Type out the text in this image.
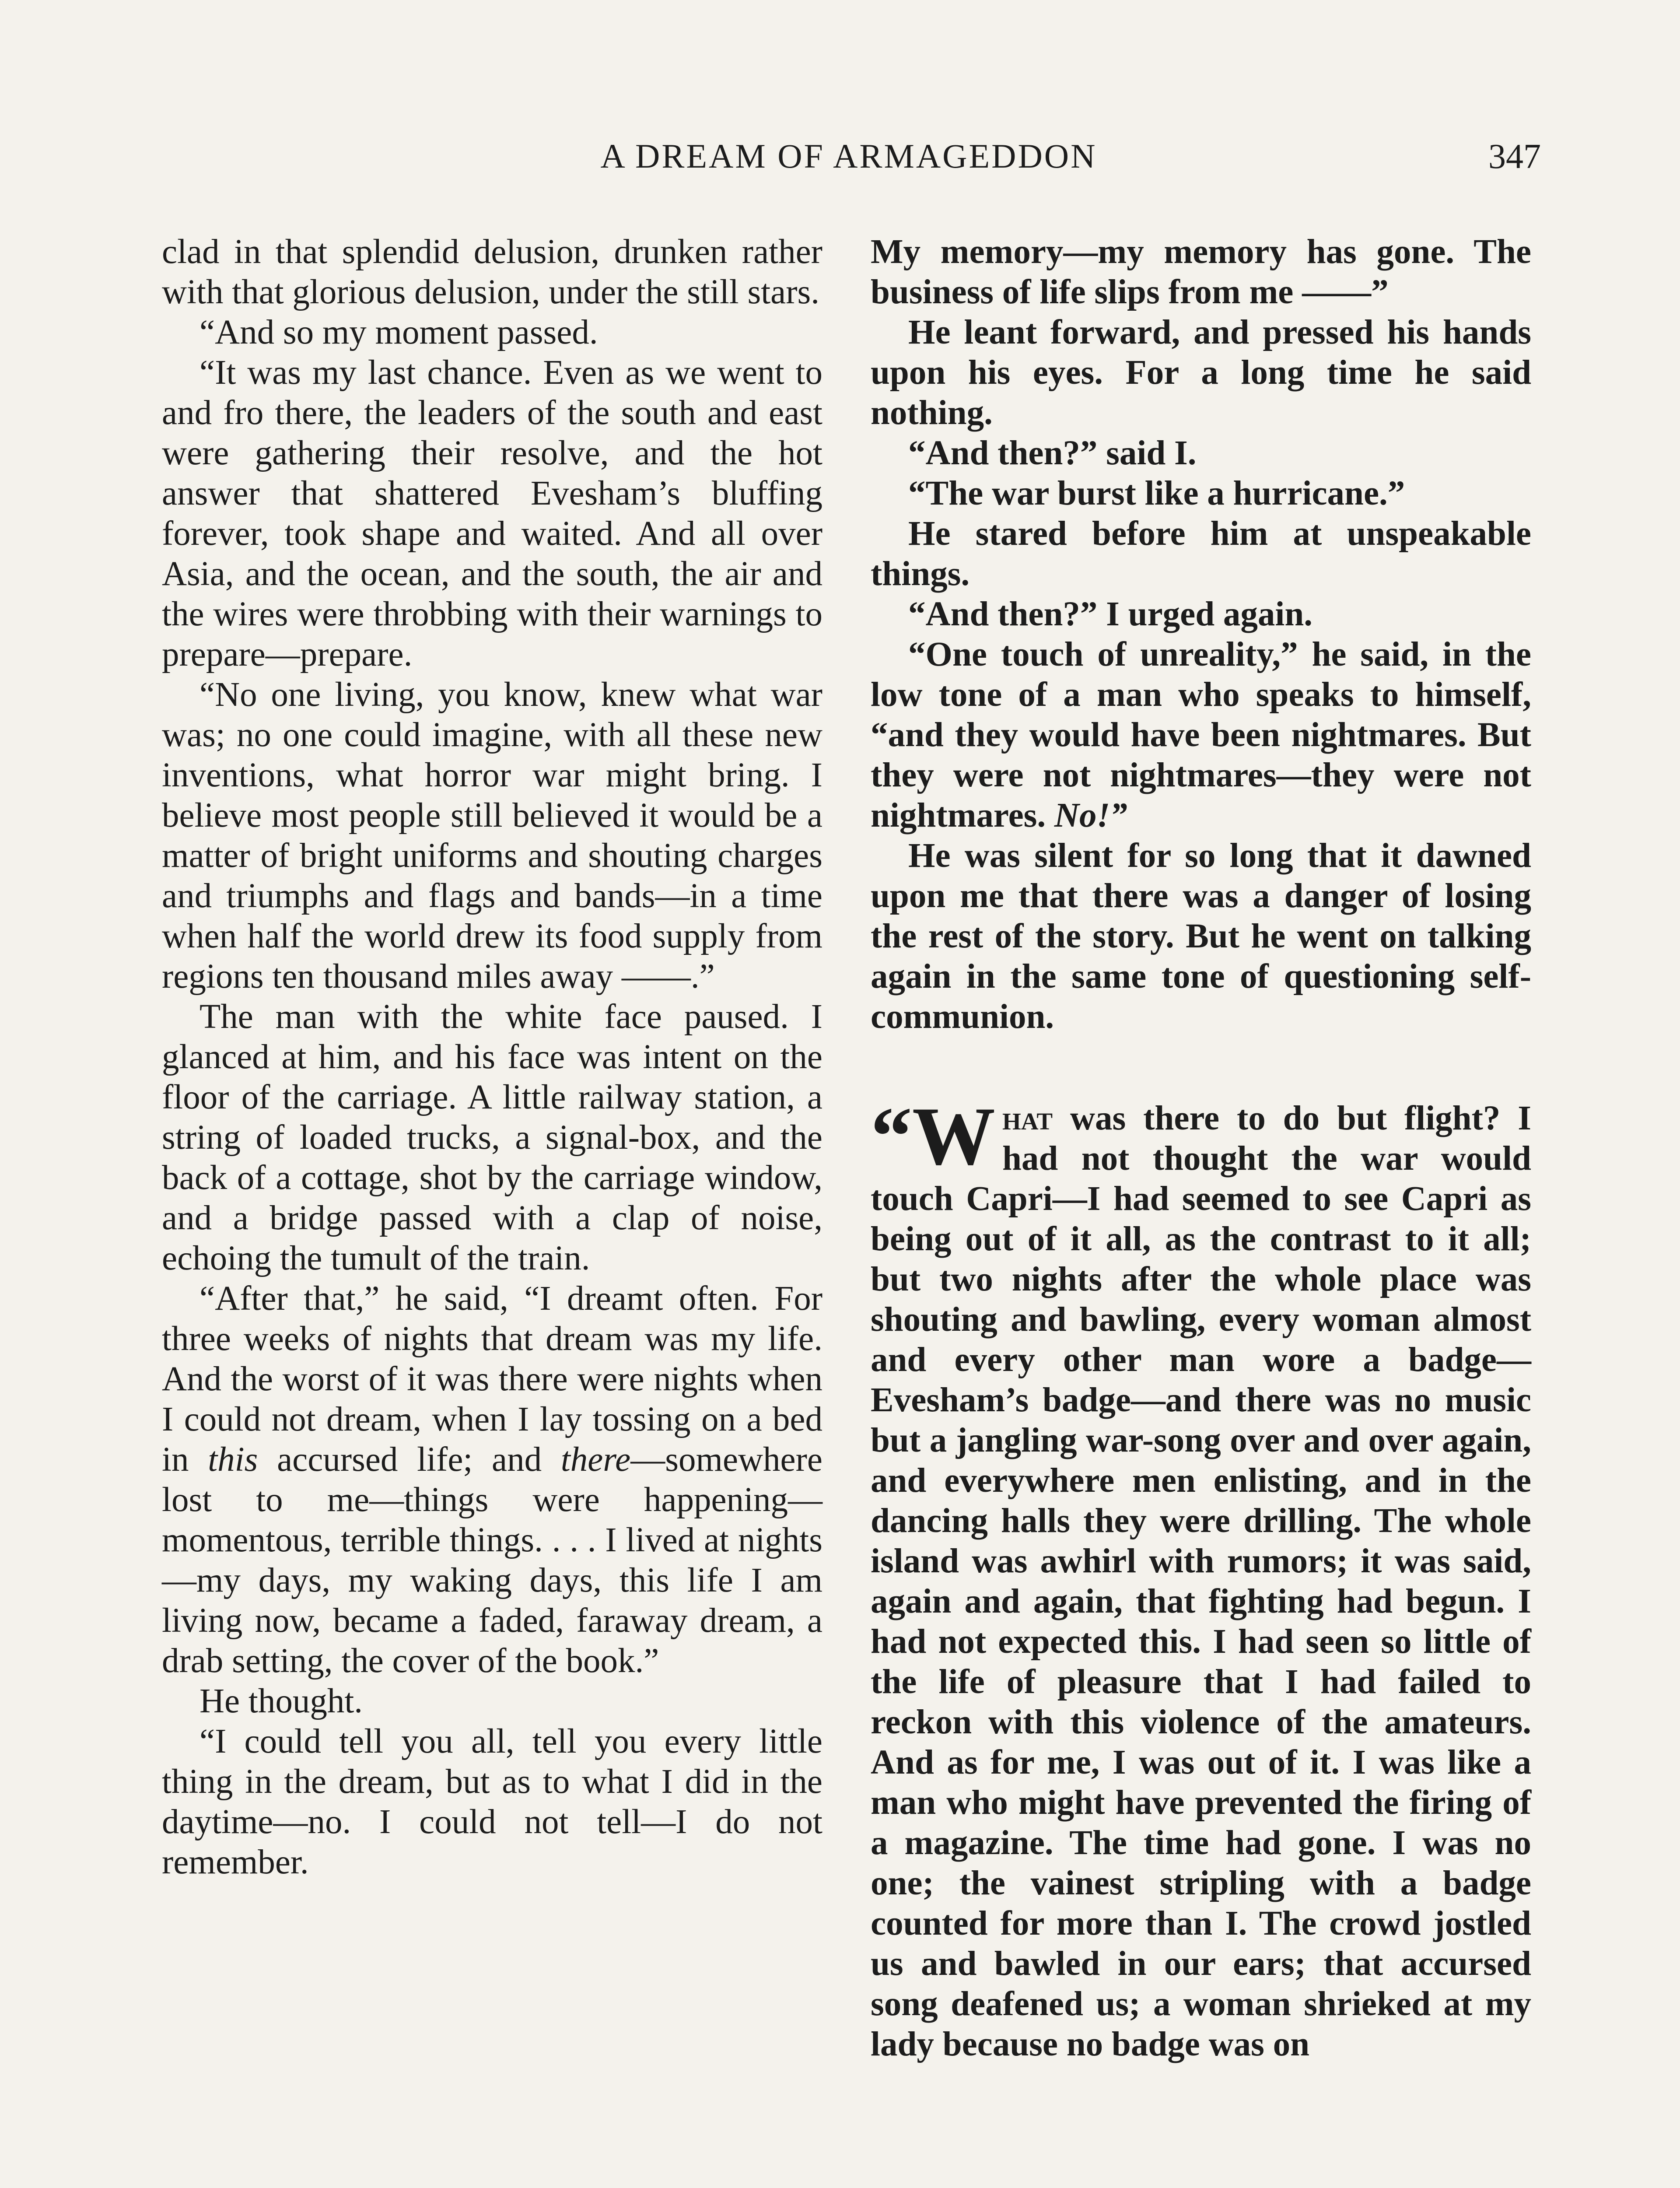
A DREAM OF ARMAGEDDON	347

clad in that splendid delusion, drunken rather with that glorious delusion, under the still stars.

“And so my moment passed.

“It was my last chance. Even as we went to and fro there, the leaders of the south and east were gathering their resolve, and the hot answer that shattered Evesham’s bluffing forever, took shape and waited. And all over Asia, and the ocean, and the south, the air and the wires were throbbing with their warnings to prepare—prepare.

“No one living, you know, knew what war was; no one could imagine, with all these new inventions, what horror war might bring. I believe most people still believed it would be a matter of bright uniforms and shouting charges and triumphs and flags and bands—in a time when half the world drew its food supply from regions ten thousand miles away ——.”

The man with the white face paused. I glanced at him, and his face was intent on the floor of the carriage. A little railway station, a string of loaded trucks, a signal-box, and the back of a cottage, shot by the carriage window, and a bridge passed with a clap of noise, echoing the tumult of the train.

“After that,” he said, “I dreamt often. For three weeks of nights that dream was my life. And the worst of it was there were nights when I could not dream, when I lay tossing on a bed in this accursed life; and there—somewhere lost to me—things were happening—momentous, terrible things. . . . I lived at nights—my days, my waking days, this life I am living now, became a faded, faraway dream, a drab setting, the cover of the book.”

He thought.

“I could tell you all, tell you every little thing in the dream, but as to what I did in the daytime—no. I could not tell—I do not remember.

My memory—my memory has gone. The business of life slips from me ——”

He leant forward, and pressed his hands upon his eyes. For a long time he said nothing.

“And then?” said I.

“The war burst like a hurricane.”

He stared before him at unspeakable things.

“And then?” I urged again.

“One touch of unreality,” he said, in the low tone of a man who speaks to himself, “and they would have been nightmares. But they were not nightmares—they were not nightmares. No!”

He was silent for so long that it dawned upon me that there was a danger of losing the rest of the story. But he went on talking again in the same tone of questioning self-communion.

“W hat was there to do but flight? I had not thought the war would touch Capri—I had seemed to see Capri as being out of it all, as the contrast to it all; but two nights after the whole place was shouting and bawling, every woman almost and every other man wore a badge—Evesham’s badge—and there was no music but a jangling war-song over and over again, and everywhere men enlisting, and in the dancing halls they were drilling. The whole island was awhirl with rumors; it was said, again and again, that fighting had begun. I had not expected this. I had seen so little of the life of pleasure that I had failed to reckon with this violence of the amateurs. And as for me, I was out of it. I was like a man who might have prevented the firing of a magazine. The time had gone. I was no one; the vainest stripling with a badge counted for more than I. The crowd jostled us and bawled in our ears; that accursed song deafened us; a woman shrieked at my lady because no badge was on
